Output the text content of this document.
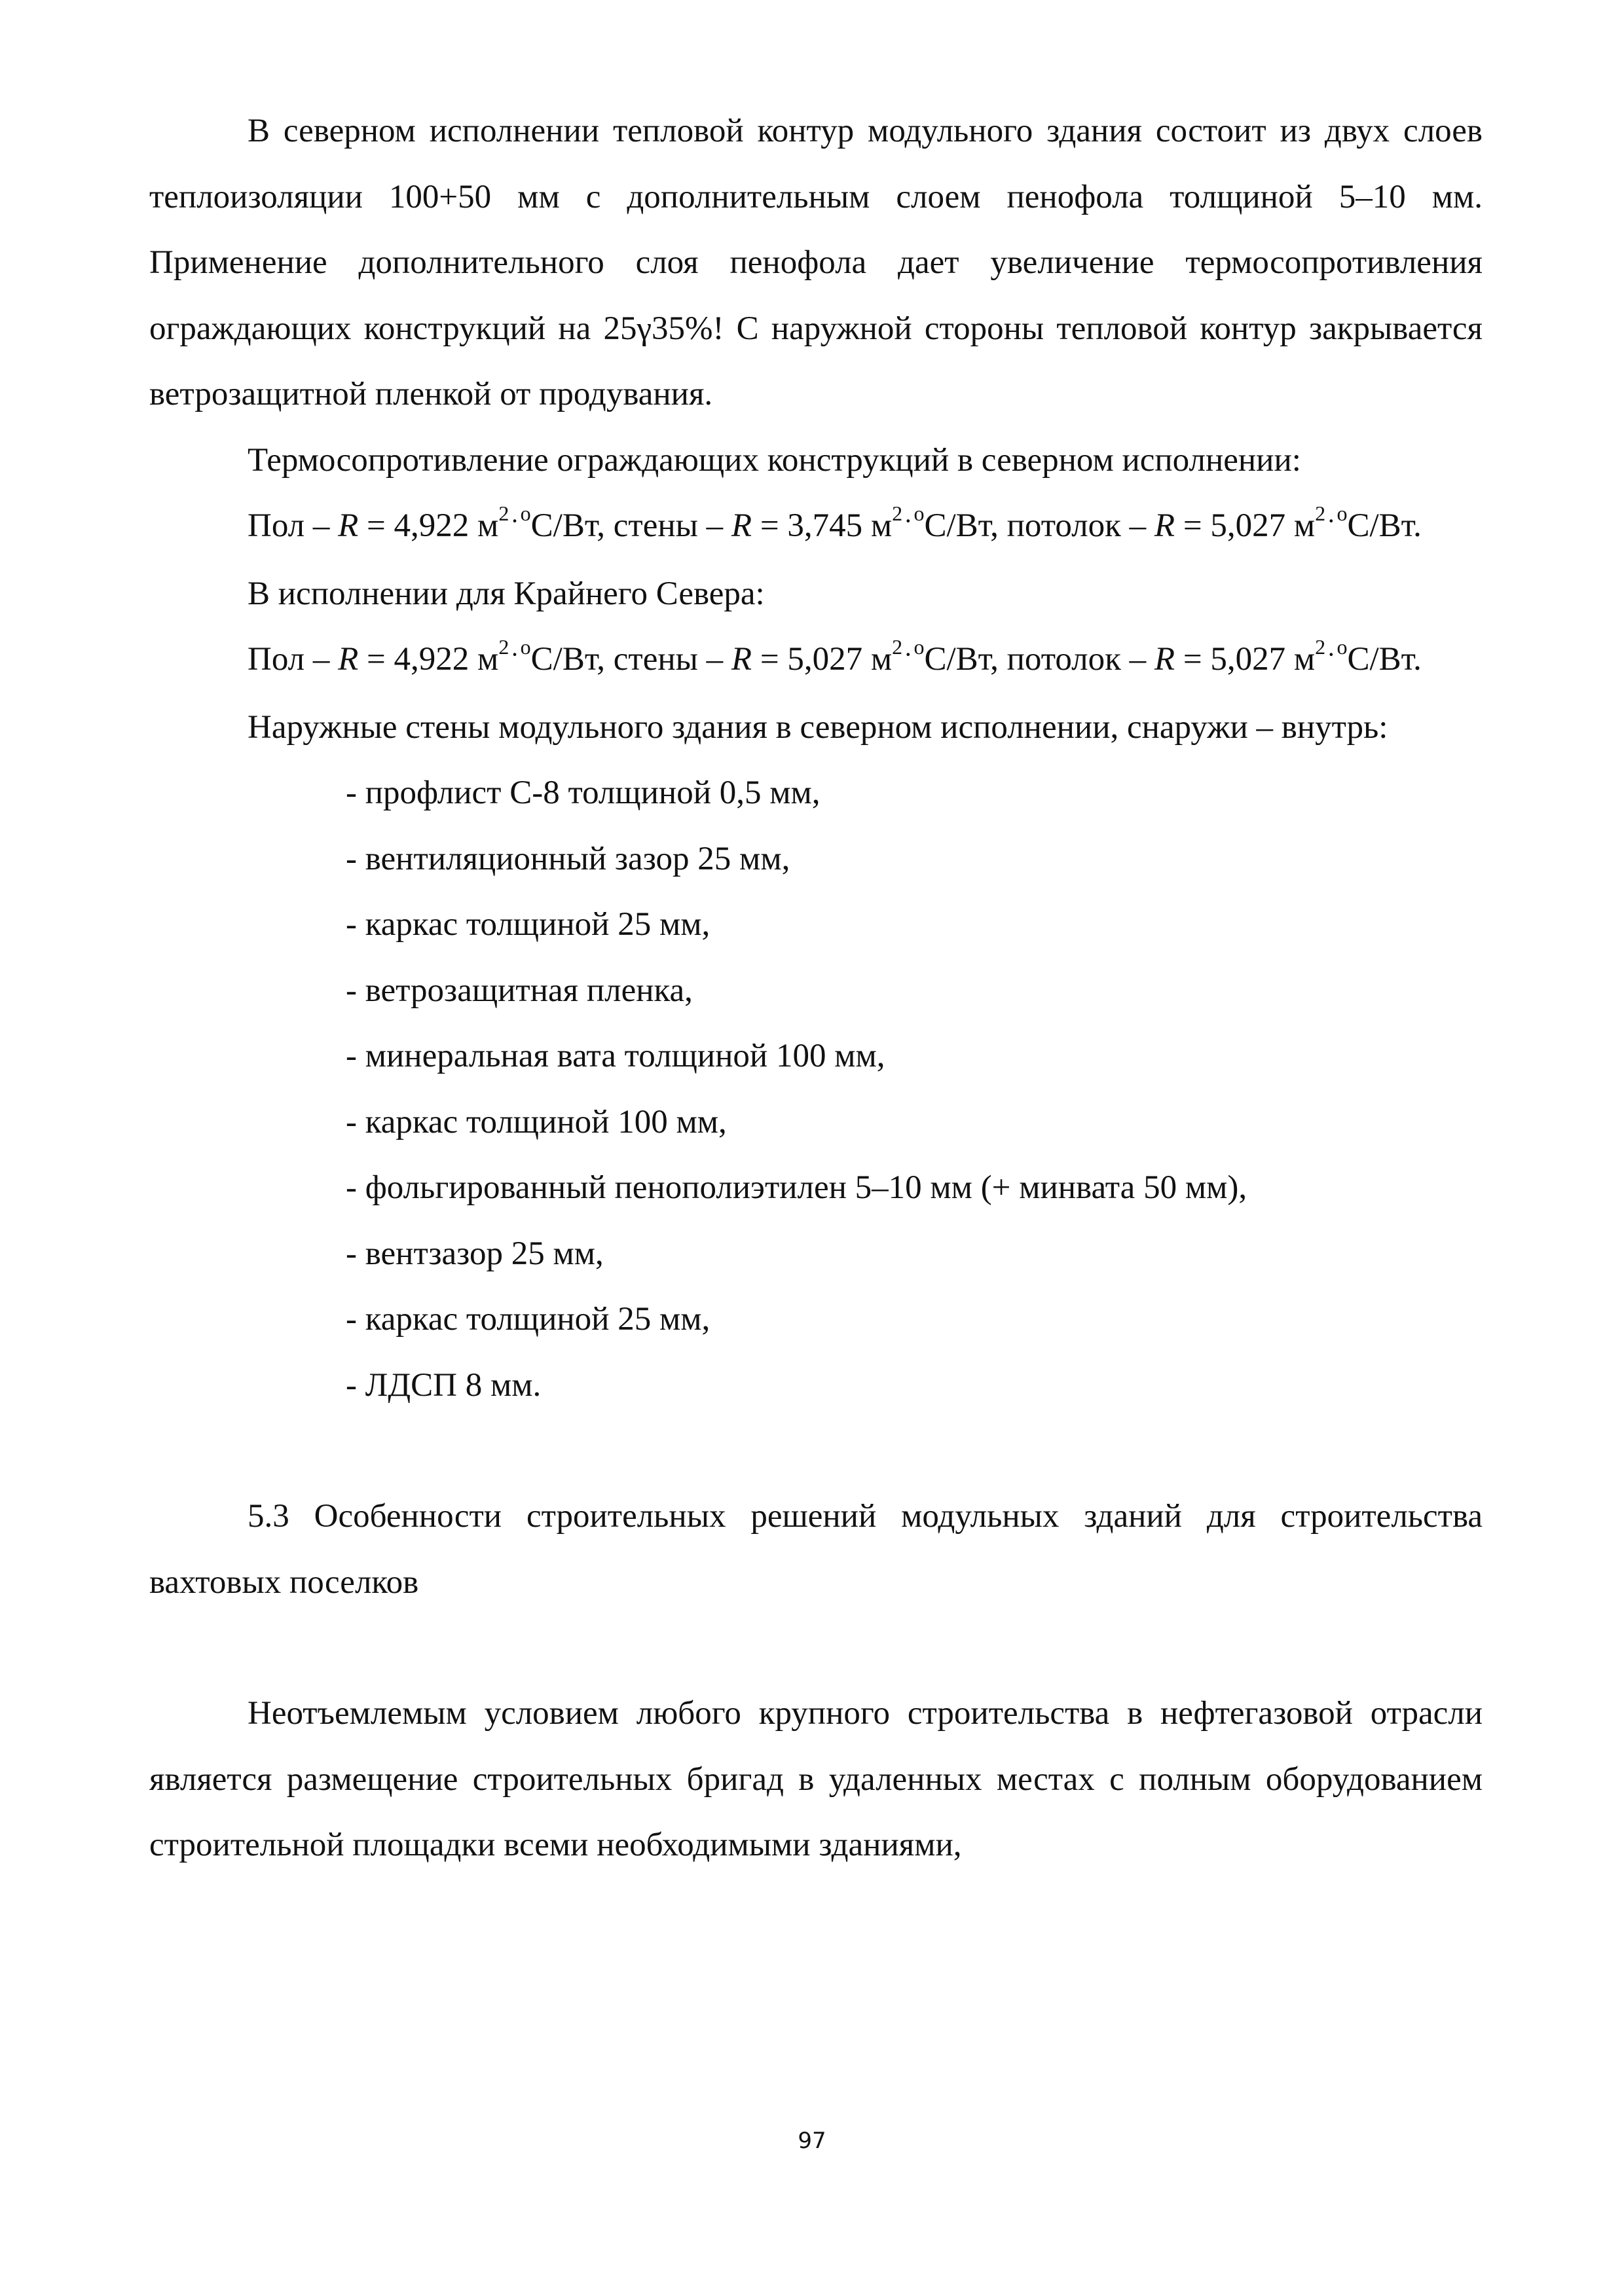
В северном исполнении тепловой контур модульного здания состоит из двух слоев теплоизоляции 100+50 мм с дополнительным слоем пенофола толщиной 5–10 мм. Применение дополнительного слоя пенофола дает увеличение термосопротивления ограждающих конструкций на 25γ35%! С наружной стороны тепловой контур закрывается ветрозащитной пленкой от продувания.

Термосопротивление ограждающих конструкций в северном исполнении:

Пол – R = 4,922 $м^2\cdot^оС/Вт$, стены – R = 3,745 $м^2\cdot^оС/Вт$, потолок – R = 5,027 $м^2\cdot^оС/Вт$.

В исполнении для Крайнего Севера:

Пол – R = 4,922 $м^2\cdot^оС/Вт$, стены – R = 5,027 $м^2\cdot^оС/Вт$, потолок – R = 5,027 $м^2\cdot^оС/Вт$.

Наружные стены модульного здания в северном исполнении, снаружи – внутрь:

- профлист С-8 толщиной 0,5 мм,
- вентиляционный зазор 25 мм,
- каркас толщиной 25 мм,
- ветрозащитная пленка,
- минеральная вата толщиной 100 мм,
- каркас толщиной 100 мм,
- фольгированный пенополиэтилен 5–10 мм (+ минвата 50 мм),
- вентзазор 25 мм,
- каркас толщиной 25 мм,
- ЛДСП 8 мм.

5.3 Особенности строительных решений модульных зданий для строительства вахтовых поселков

Неотъемлемым условием любого крупного строительства в нефтегазовой отрасли является размещение строительных бригад в удаленных местах с полным оборудованием строительной площадки всеми необходимыми зданиями,

97
